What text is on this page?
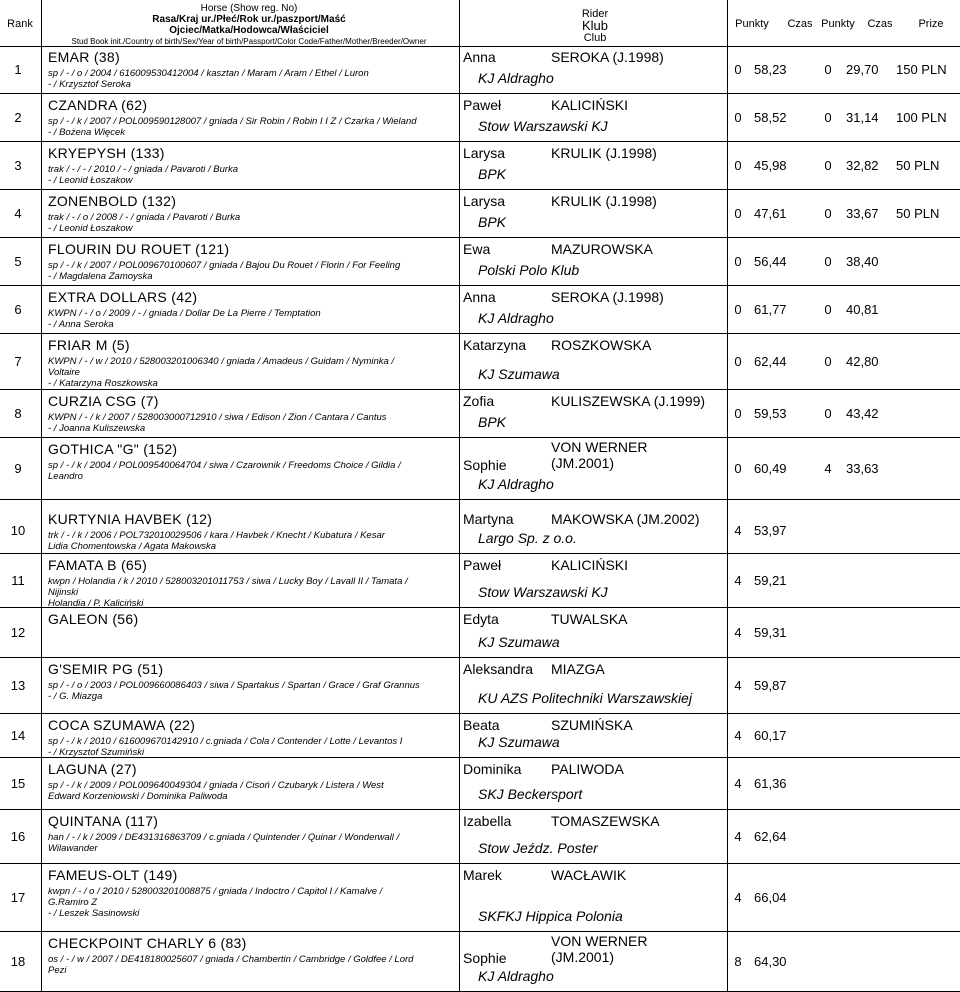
Rank
Horse (Show reg. No)
Rasa/Kraj ur./Płeć/Rok ur./paszport/Maść
Ojciec/Matka/Hodowca/Właściciel
Stud Book init./Country of birth/Sex/Year of birth/Passport/Color Code/Father/Mother/Breeder/Owner
Rider
Klub
Club
Punkty	Czas Punkty	Czas	Prize
1
EMAR (38)
sp / - / o / 2004 / 616009530412004 / kasztan / Maram / Aram / Ethel / Luron
- / Krzysztof Seroka
Anna	SEROKA (J.1998)
KJ Aldragho
0 58,23	0	29,70	150 PLN
2
CZANDRA (62)
sp / - / k / 2007 / POL009590128007 / gniada / Sir Robin / Robin I I Z / Czarka / Wieland
- / Bożena Więcek
Paweł	KALICIŃSKI
Stow Warszawski KJ
0 58,52	0	31,14	100 PLN
3
KRYEPYSH (133)
trak / - / - / 2010 / - / gniada / Pavaroti / Burka
- / Leonid Łoszakow
Larysa	KRULIK (J.1998)
BPK
0 45,98	0	32,82	50 PLN
4
ZONENBOLD (132)
trak / - / o / 2008 / - / gniada / Pavaroti / Burka
- / Leonid Łoszakow
Larysa	KRULIK (J.1998)
BPK
0 47,61	0	33,67	50 PLN
5
FLOURIN DU ROUET (121)
sp / - / k / 2007 / POL009670100607 / gniada / Bajou Du Rouet / Florin / For Feeling
- / Magdalena Zamoyska
Ewa	MAZUROWSKA
Polski Polo Klub
0 56,44	0	38,40
6
EXTRA DOLLARS (42)
KWPN / - / o / 2009 / - / gniada / Dollar De La Pierre / Temptation
- / Anna Seroka
Anna	SEROKA (J.1998)
KJ Aldragho
0 61,77	0	40,81
7
FRIAR M (5)
KWPN / - / w / 2010 / 528003201006340 / gniada / Amadeus / Guidam / Nyminka /
Voltaire
- / Katarzyna Roszkowska
Katarzyna ROSZKOWSKA
KJ Szumawa
0 62,44	0	42,80
8
CURZIA CSG (7)
KWPN / - / k / 2007 / 528003000712910 / siwa / Edison / Zion / Cantara / Cantus
- / Joanna Kuliszewska
Zofia	KULISZEWSKA (J.1999)
BPK
0 59,53	0	43,42
9
GOTHICA "G" (152)
sp / - / k / 2004 / POL009540064704 / siwa / Czarownik / Freedoms Choice / Gildia /
Leandro
Sophie
VON WERNER
(JM.2001)
KJ Aldragho
0 60,49	4	33,63
10
KURTYNIA HAVBEK (12)
trk / - / k / 2006 / POL732010029506 / kara / Havbek / Knecht / Kubatura / Kesar
Lidia Chomentowska / Agata Makowska
Martyna	MAKOWSKA (JM.2002)
Largo Sp. z o.o.	4 53,97
11
FAMATA B (65)
kwpn / Holandia / k / 2010 / 528003201011753 / siwa / Lucky Boy / Lavall II / Tamata /
Nijinski
Holandia / P. Kaliciński
Paweł	KALICIŃSKI
Stow Warszawski KJ
4 59,21
12
GALEON (56)	Edyta	TUWALSKA
KJ Szumawa
4 59,31
13
G'SEMIR PG (51)
sp / - / o / 2003 / POL009660086403 / siwa / Spartakus / Spartan / Grace / Graf Grannus
- / G. Miazga
Aleksandra MIAZGA
KU AZS Politechniki Warszawskiej
4 59,87
14
COCA SZUMAWA (22)
sp / - / k / 2010 / 616009670142910 / c.gniada / Cola / Contender / Lotte / Levantos I
- / Krzysztof Szumiński
Beata	SZUMIŃSKA
KJ Szumawa	4 60,17
15
LAGUNA (27)
sp / - / k / 2009 / POL009640049304 / gniada / Cisoń / Czubaryk / Listera / West
Edward Korzeniowski / Dominika Paliwoda
Dominika PALIWODA
SKJ Beckersport
4 61,36
16
QUINTANA (117)
han / - / k / 2009 / DE431316863709 / c.gniada / Quintender / Quinar / Wonderwall /
Wilawander
Izabella	TOMASZEWSKA
Stow Jeźdz. Poster
4 62,64
17
FAMEUS-OLT (149)
kwpn / - / o / 2010 / 528003201008875 / gniada / Indoctro / Capitol I / Kamalve /
G.Ramiro Z
- / Leszek Sasinowski
Marek	WACŁAWIK
SKFKJ Hippica Polonia
4 66,04
18
CHECKPOINT CHARLY 6 (83)
os / - / w / 2007 / DE418180025607 / gniada / Chambertin / Cambridge / Goldfee / Lord
Pezi
Sophie
VON WERNER
(JM.2001)
KJ Aldragho
8 64,30
